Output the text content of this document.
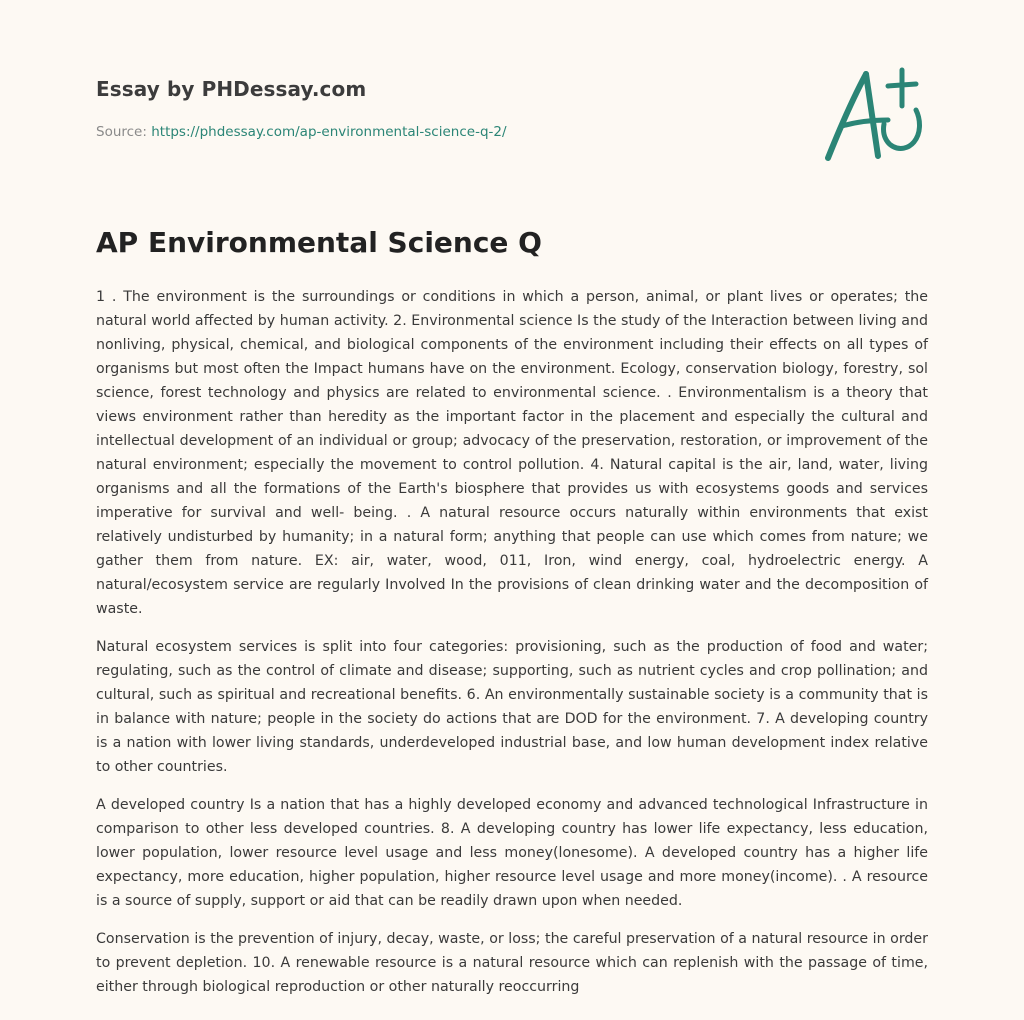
Essay by PHDessay.com

Source: https://phdessay.com/ap-environmental-science-q-2/

AP Environmental Science Q

1 . The environment is the surroundings or conditions in which a person, animal, or plant lives or operates; the natural world affected by human activity. 2. Environmental science Is the study of the Interaction between living and nonliving, physical, chemical, and biological components of the environment including their effects on all types of organisms but most often the Impact humans have on the environment. Ecology, conservation biology, forestry, sol science, forest technology and physics are related to environmental science. . Environmentalism is a theory that views environment rather than heredity as the important factor in the placement and especially the cultural and intellectual development of an individual or group; advocacy of the preservation, restoration, or improvement of the natural environment; especially the movement to control pollution. 4. Natural capital is the air, land, water, living organisms and all the formations of the Earth's biosphere that provides us with ecosystems goods and services imperative for survival and well- being. . A natural resource occurs naturally within environments that exist relatively undisturbed by humanity; in a natural form; anything that people can use which comes from nature; we gather them from nature. EX: air, water, wood, 011, Iron, wind energy, coal, hydroelectric energy. A natural/ecosystem service are regularly Involved In the provisions of clean drinking water and the decomposition of waste.

Natural ecosystem services is split into four categories: provisioning, such as the production of food and water; regulating, such as the control of climate and disease; supporting, such as nutrient cycles and crop pollination; and cultural, such as spiritual and recreational benefits. 6. An environmentally sustainable society is a community that is in balance with nature; people in the society do actions that are DOD for the environment. 7. A developing country is a nation with lower living standards, underdeveloped industrial base, and low human development index relative to other countries.

A developed country Is a nation that has a highly developed economy and advanced technological Infrastructure in comparison to other less developed countries. 8. A developing country has lower life expectancy, less education, lower population, lower resource level usage and less money(lonesome). A developed country has a higher life expectancy, more education, higher population, higher resource level usage and more money(income). . A resource is a source of supply, support or aid that can be readily drawn upon when needed.

Conservation is the prevention of injury, decay, waste, or loss; the careful preservation of a natural resource in order to prevent depletion. 10. A renewable resource is a natural resource which can replenish with the passage of time, either through biological reproduction or other naturally reoccurring
